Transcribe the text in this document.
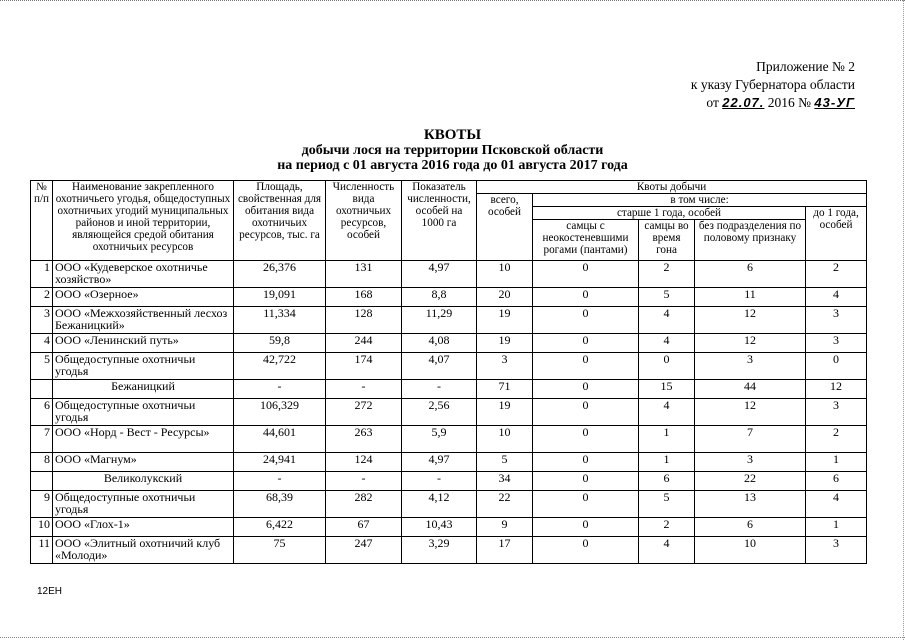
Приложение № 2
к указу Губернатора области
от 22.07. 2016 № 43-УГ
КВОТЫ
добычи лося на территории Псковской области
на период с 01 августа 2016 года до 01 августа 2017 года
№ п/п	Наименование закрепленного охотничьего угодья, общедоступных охотничьих угодий муниципальных районов и иной территории, являющейся средой обитания охотничьих ресурсов	Площадь, свойственная для обитания вида охотничьих ресурсов, тыс. га	Численность вида охотничьих ресурсов, особей	Показатель численности, особей на 1000 га	Квоты добычи				
					всего, особей	в том числе:			
						старше 1 года, особей			до 1 года, особей
						самцы с неокостеневшими рогами (пантами)	самцы во время гона	без подразделения по половому признаку	
1	ООО «Кудеверское охотничье хозяйство»	26,376	131	4,97	10	0	2	6	2
2	ООО «Озерное»	19,091	168	8,8	20	0	5	11	4
3	ООО «Межхозяйственный лесхоз Бежаницкий»	11,334	128	11,29	19	0	4	12	3
4	ООО «Ленинский путь»	59,8	244	4,08	19	0	4	12	3
5	Общедоступные охотничьи угодья	42,722	174	4,07	3	0	0	3	0
	Бежаницкий	-	-	-	71	0	15	44	12
6	Общедоступные охотничьи угодья	106,329	272	2,56	19	0	4	12	3
7	ООО «Норд - Вест - Ресурсы»	44,601	263	5,9	10	0	1	7	2
8	ООО «Магнум»	24,941	124	4,97	5	0	1	3	1
	Великолукский	-	-	-	34	0	6	22	6
9	Общедоступные охотничьи угодья	68,39	282	4,12	22	0	5	13	4
10	ООО «Глох-1»	6,422	67	10,43	9	0	2	6	1
11	ООО «Элитный охотничий клуб «Молоди»	75	247	3,29	17	0	4	10	3
12ЕН
